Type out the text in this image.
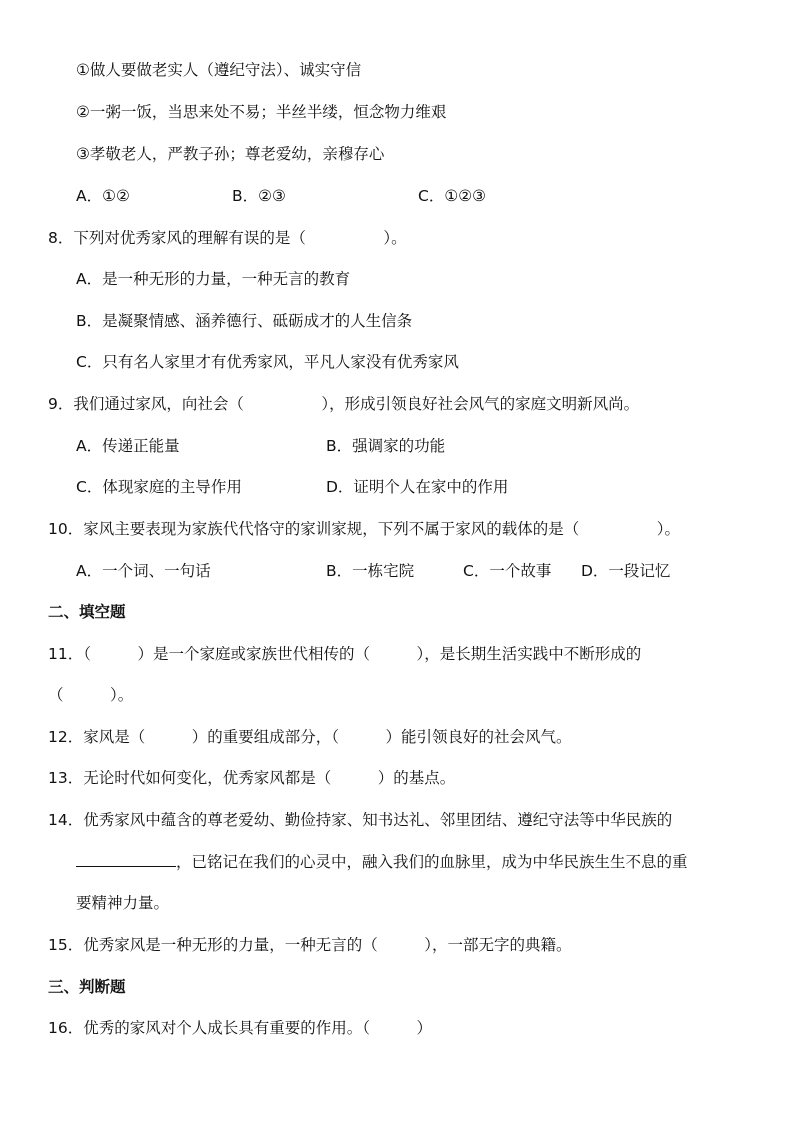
①做人要做老实人（遵纪守法）、诚实守信
②一粥一饭，当思来处不易；半丝半缕，恒念物力维艰
③孝敬老人，严教子孙；尊老爱幼，亲穆存心
A．①②	B．②③	C．①②③
8．下列对优秀家风的理解有误的是（　　　　　）。
A．是一种无形的力量，一种无言的教育
B．是凝聚情感、涵养德行、砥砺成才的人生信条
C．只有名人家里才有优秀家风，平凡人家没有优秀家风
9．我们通过家风，向社会（　　　　　），形成引领良好社会风气的家庭文明新风尚。
A．传递正能量	B．强调家的功能
C．体现家庭的主导作用	D．证明个人在家中的作用
10．家风主要表现为家族代代恪守的家训家规，下列不属于家风的载体的是（　　　　　）。
A．一个词、一句话	B．一栋宅院	C．一个故事 D．一段记忆
二、填空题
11．（　　　）是一个家庭或家族世代相传的（　　　），是长期生活实践中不断形成的
（　　　）。
12．家风是（　　　）的重要组成部分，（　　　）能引领良好的社会风气。
13．无论时代如何变化，优秀家风都是（　　　）的基点。
14．优秀家风中蕴含的尊老爱幼、勤俭持家、知书达礼、邻里团结、遵纪守法等中华民族的
，已铭记在我们的心灵中，融入我们的血脉里，成为中华民族生生不息的重
要精神力量。
15．优秀家风是一种无形的力量，一种无言的（　　　），一部无字的典籍。
三、判断题
16．优秀的家风对个人成长具有重要的作用。（　　　）
